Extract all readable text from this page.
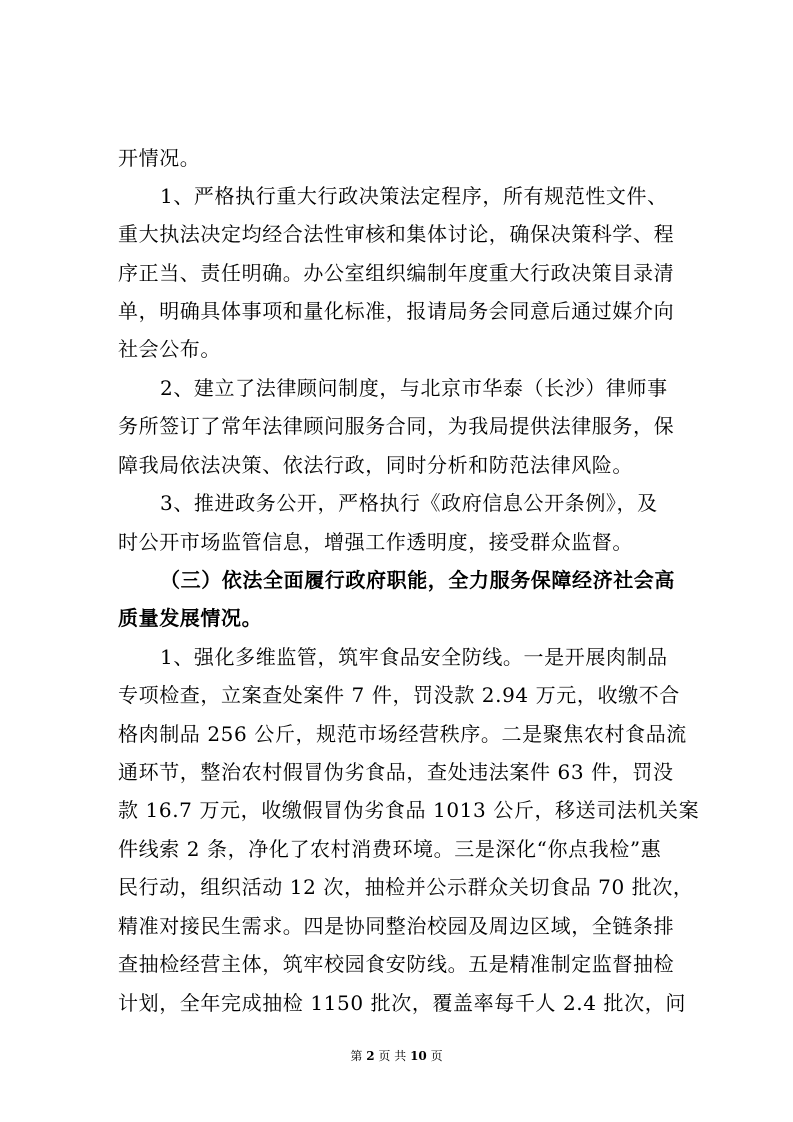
开情况。
1、严格执行重大行政决策法定程序，所有规范性文件、
重大执法决定均经合法性审核和集体讨论，确保决策科学、程
序正当、责任明确。办公室组织编制年度重大行政决策目录清
单，明确具体事项和量化标准，报请局务会同意后通过媒介向
社会公布。
2、建立了法律顾问制度，与北京市华泰（长沙）律师事
务所签订了常年法律顾问服务合同，为我局提供法律服务，保
障我局依法决策、依法行政，同时分析和防范法律风险。
3、推进政务公开，严格执行《政府信息公开条例》，及
时公开市场监管信息，增强工作透明度，接受群众监督。
（三）依法全面履行政府职能，全力服务保障经济社会高
质量发展情况。
1、强化多维监管，筑牢食品安全防线。一是开展肉制品
专项检查，立案查处案件 7 件，罚没款 2.94 万元，收缴不合
格肉制品 256 公斤，规范市场经营秩序。二是聚焦农村食品流
通环节，整治农村假冒伪劣食品，查处违法案件 63 件，罚没
款 16.7 万元，收缴假冒伪劣食品 1013 公斤，移送司法机关案
件线索 2 条，净化了农村消费环境。三是深化“你点我检”惠
民行动，组织活动 12 次，抽检并公示群众关切食品 70 批次，
精准对接民生需求。四是协同整治校园及周边区域，全链条排
查抽检经营主体，筑牢校园食安防线。五是精准制定监督抽检
计划，全年完成抽检 1150 批次，覆盖率每千人 2.4 批次，问
第 2 页 共 10 页
